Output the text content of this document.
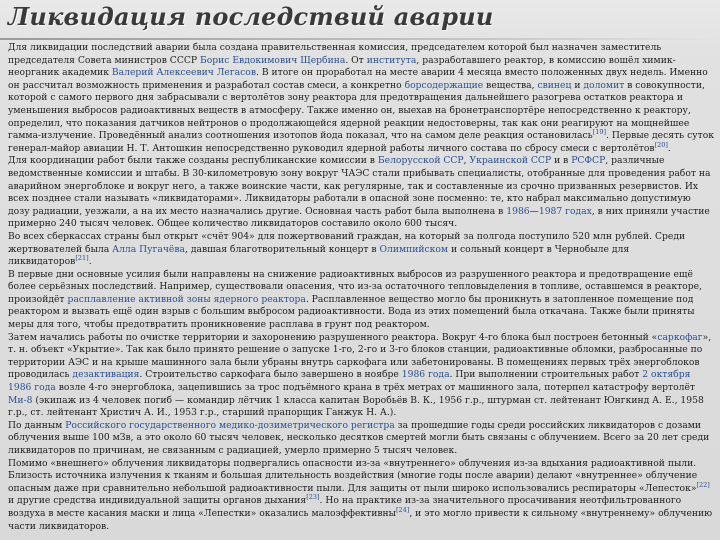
Ликвидация последствий аварии

Для ликвидации последствий аварии была создана правительственная комиссия, председателем которой был назначен заместитель председателя Совета министров СССР Борис Евдокимович Щербина. От института, разработавшего реактор, в комиссию вошёл химик-неорганик академик Валерий Алексеевич Легасов. В итоге он проработал на месте аварии 4 месяца вместо положенных двух недель. Именно он рассчитал возможность применения и разработал состав смеси, а конкретно борсодержащие вещества, свинец и доломит в совокупности, которой с самого первого дня забрасывали с вертолётов зону реактора для предотвращения дальнейшего разогрева остатков реактора и уменьшения выбросов радиоактивных веществ в атмосферу. Также именно он, выехав на бронетранспортёре непосредственно к реактору, определил, что показания датчиков нейтронов о продолжающейся ядерной реакции недостоверны, так как они реагируют на мощнейшее гамма-излучение. Проведённый анализ соотношения изотопов йода показал, что на самом деле реакция остановилась[19]. Первые десять суток генерал-майор авиации Н. Т. Антошкин непосредственно руководил ядерной работы личного состава по сбросу смеси с вертолётов[20].

Для координации работ были также созданы республиканские комиссии в Белорусской ССР, Украинской ССР и в РСФСР, различные ведомственные комиссии и штабы. В 30-километровую зону вокруг ЧАЭС стали прибывать специалисты, отобранные для проведения работ на аварийном энергоблоке и вокруг него, а также воинские части, как регулярные, так и составленные из срочно призванных резервистов. Их всех позднее стали называть «ликвидаторами». Ликвидаторы работали в опасной зоне посменно: те, кто набрал максимально допустимую дозу радиации, уезжали, а на их место назначались другие. Основная часть работ была выполнена в 1986—1987 годах, в них приняли участие примерно 240 тысяч человек. Общее количество ликвидаторов составило около 600 тысяч.

Во всех сберкассах страны был открыт «счёт 904» для пожертвований граждан, на который за полгода поступило 520 млн рублей. Среди жертвователей была Алла Пугачёва, давшая благотворительный концерт в Олимпийском и сольный концерт в Чернобыле для ликвидаторов[21].

В первые дни основные усилия были направлены на снижение радиоактивных выбросов из разрушенного реактора и предотвращение ещё более серьёзных последствий. Например, существовали опасения, что из-за остаточного тепловыделения в топливе, оставшемся в реакторе, произойдёт расплавление активной зоны ядерного реактора. Расплавленное вещество могло бы проникнуть в затопленное помещение под реактором и вызвать ещё один взрыв с большим выбросом радиоактивности. Вода из этих помещений была откачана. Также были приняты меры для того, чтобы предотвратить проникновение расплава в грунт под реактором.

Затем начались работы по очистке территории и захоронению разрушенного реактора. Вокруг 4-го блока был построен бетонный «саркофаг», т. н. объект «Укрытие». Так как было принято решение о запуске 1-го, 2-го и 3-го блоков станции, радиоактивные обломки, разбросанные по территории АЭС и на крыше машинного зала были убраны внутрь саркофага или забетонированы. В помещениях первых трёх энергоблоков проводилась дезактивация. Строительство саркофага было завершено в ноябре 1986 года. При выполнении строительных работ 2 октября 1986 года возле 4-го энергоблока, зацепившись за трос подъёмного крана в трёх метрах от машинного зала, потерпел катастрофу вертолёт Ми-8 (экипаж из 4 человек погиб — командир лётчик 1 класса капитан Воробьёв В. К., 1956 г.р., штурман ст. лейтенант Юнгкинд А. Е., 1958 г.р., ст. лейтенант Христич А. И., 1953 г.р., старший прапорщик Ганжук Н. А.).

По данным Российского государственного медико-дозиметрического регистра за прошедшие годы среди российских ликвидаторов с дозами облучения выше 100 мЗв, а это около 60 тысяч человек, несколько десятков смертей могли быть связаны с облучением. Всего за 20 лет среди ликвидаторов по причинам, не связанным с радиацией, умерло примерно 5 тысяч человек.

Помимо «внешнего» облучения ликвидаторы подвергались опасности из-за «внутреннего» облучения из-за вдыхания радиоактивной пыли. Близость источника излучения к тканям и большая длительность воздействия (многие годы после аварии) делают «внутреннее» облучение опасным даже при сравнительно небольшой радиоактивности пыли. Для защиты от пыли широко использовались респираторы «Лепесток»[22] и другие средства индивидуальной защиты органов дыхания[23]. Но на практике из-за значительного просачивания неотфильтрованного воздуха в месте касания маски и лица «Лепестки» оказались малоэффективны[24], и это могло привести к сильному «внутреннему» облучению части ликвидаторов.
